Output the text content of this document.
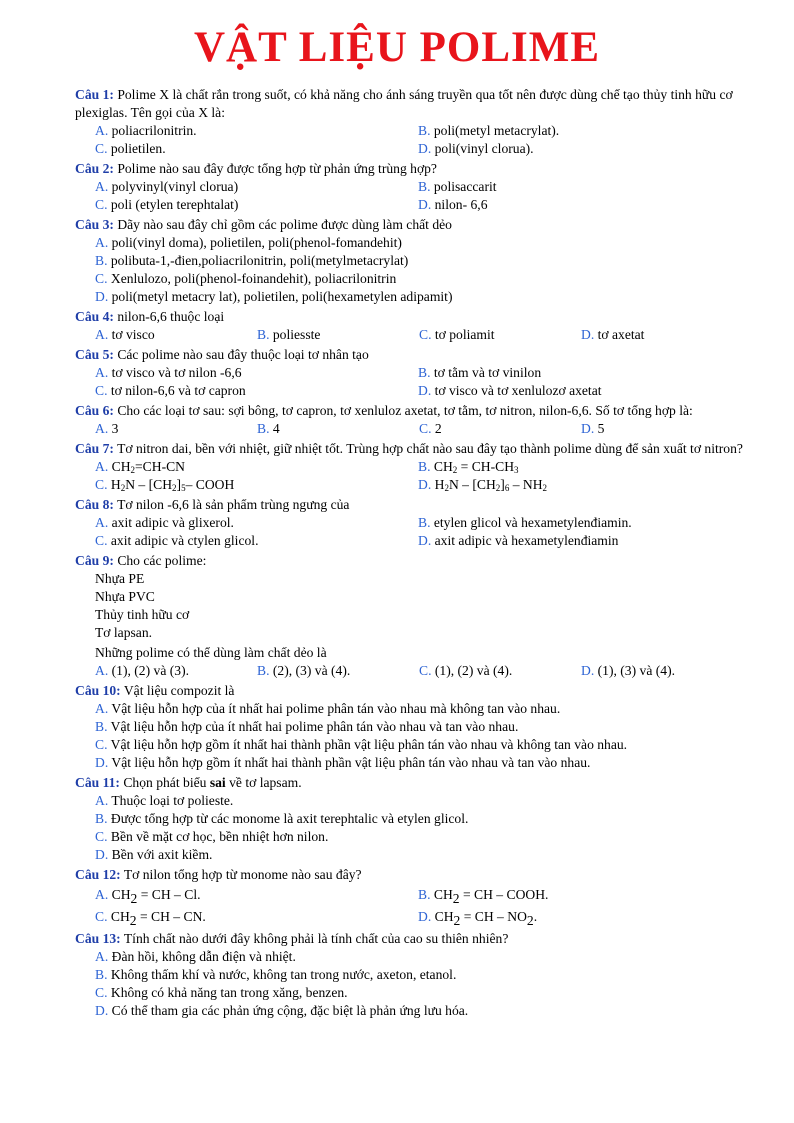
VẬT LIỆU POLIME
Câu 1: Polime X là chất rắn trong suốt, có khả năng cho ánh sáng truyền qua tốt nên được dùng chế tạo thủy tinh hữu cơ plexiglas. Tên gọi của X là:
A. poliacrilonitrin.	B. poli(metyl metacrylat).
C. polietilen.	D. poli(vinyl clorua).
Câu 2: Polime nào sau đây được tổng hợp từ phản ứng trùng hợp?
A. polyvinyl(vinyl clorua)	B. polisaccarit
C. poli (etylen terephtalat)	D. nilon- 6,6
Câu 3: Dãy nào sau đây chỉ gồm các polime được dùng làm chất dẻo
A. poli(vinyl doma), polietilen, poli(phenol-fomandehit)
B. polibuta-1,-đien,poliacrilonitrin, poli(metylmetacrylat)
C. Xenlulozo, poli(phenol-foinandehit), poliacrilonitrin
D. poli(metyl metacry lat), polietilen, poli(hexametylen adipamit)
Câu 4: nilon-6,6 thuộc loại
A. tơ visco	B. poliesste	C. tơ poliamit	D. tơ axetat
Câu 5: Các polime nào sau đây thuộc loại tơ nhân tạo
A. tơ visco và tơ nilon -6,6	B. tơ tằm và tơ vinilon
C. tơ nilon-6,6 và tơ capron	D. tơ visco và tơ xenlulozơ axetat
Câu 6: Cho các loại tơ sau: sợi bông, tơ capron, tơ xenluloz axetat, tơ tằm, tơ nitron, nilon-6,6. Số tơ tổng hợp là:
A. 3	B. 4	C. 2	D. 5
Câu 7: Tơ nitron dai, bền với nhiệt, giữ nhiệt tốt. Trùng hợp chất nào sau đây tạo thành polime dùng để sản xuất tơ nitron?
A. $CH_2=CH-CN$	B. $CH_2 = CH-CH_3$
C. $H_2N - [CH_2]_5-$ COOH	D. $H_2N - [CH_2]_6 - NH_2$
Câu 8: Tơ nilon -6,6 là sản phẩm trùng ngưng của
A. axit adipic và glixerol.	B. etylen glicol và hexametylenđiamin.
C. axit adipic và ctylen glicol.	D. axit adipic và hexametylenđiamin
Câu 9: Cho các polime:
Nhựa PE
Nhựa PVC
Thủy tinh hữu cơ
Tơ lapsan.
Những polime có thể dùng làm chất dẻo là
A. (1), (2) và (3).	B. (2), (3) và (4).	C. (1), (2) và (4).	D. (1), (3) và (4).
Câu 10: Vật liệu compozit là
A. Vật liệu hỗn hợp của ít nhất hai polime phân tán vào nhau mà không tan vào nhau.
B. Vật liệu hỗn hợp của ít nhất hai polime phân tán vào nhau và tan vào nhau.
C. Vật liệu hỗn hợp gồm ít nhất hai thành phần vật liệu phân tán vào nhau và không tan vào nhau.
D. Vật liệu hỗn hợp gồm ít nhất hai thành phần vật liệu phân tán vào nhau và tan vào nhau.
Câu 11: Chọn phát biểu sai về tơ lapsam.
A. Thuộc loại tơ polieste.
B. Được tổng hợp từ các monome là axit terephtalic và etylen glicol.
C. Bền về mặt cơ học, bền nhiệt hơn nilon.
D. Bền với axit kiềm.
Câu 12: Tơ nilon tổng hợp từ monome nào sau đây?
A. CH2 = CH – Cl.	B. CH2 = CH – COOH.
C. CH2 = CH – CN.	D. CH2 = CH – NO2.
Câu 13: Tính chất nào dưới đây không phải là tính chất của cao su thiên nhiên?
A. Đàn hồi, không dẫn điện và nhiệt.
B. Không thấm khí và nước, không tan trong nước, axeton, etanol.
C. Không có khả năng tan trong xăng, benzen.
D. Có thể tham gia các phản ứng cộng, đặc biệt là phản ứng lưu hóa.
